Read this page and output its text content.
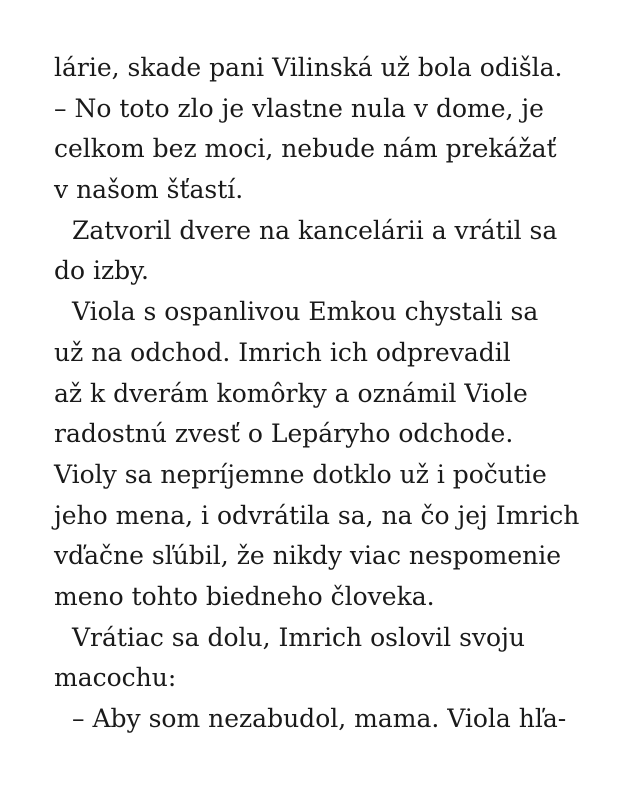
lárie, skade pani Vilinská už bola odišla.
– No toto zlo je vlastne nula v dome, je
celkom bez moci, nebude nám prekážať
v našom šťastí.
Zatvoril dvere na kancelárii a vrátil sa
do izby.
Viola s ospanlivou Emkou chystali sa
už na odchod. Imrich ich odprevadil
až k dverám komôrky a oznámil Viole
radostnú zvesť o Lepáryho odchode.
Violy sa nepríjemne dotklo už i počutie
jeho mena, i odvrátila sa, na čo jej Imrich
vďačne sľúbil, že nikdy viac nespomenie
meno tohto biedneho človeka.
Vrátiac sa dolu, Imrich oslovil svoju
macochu:
– Aby som nezabudol, mama. Viola hľa-
